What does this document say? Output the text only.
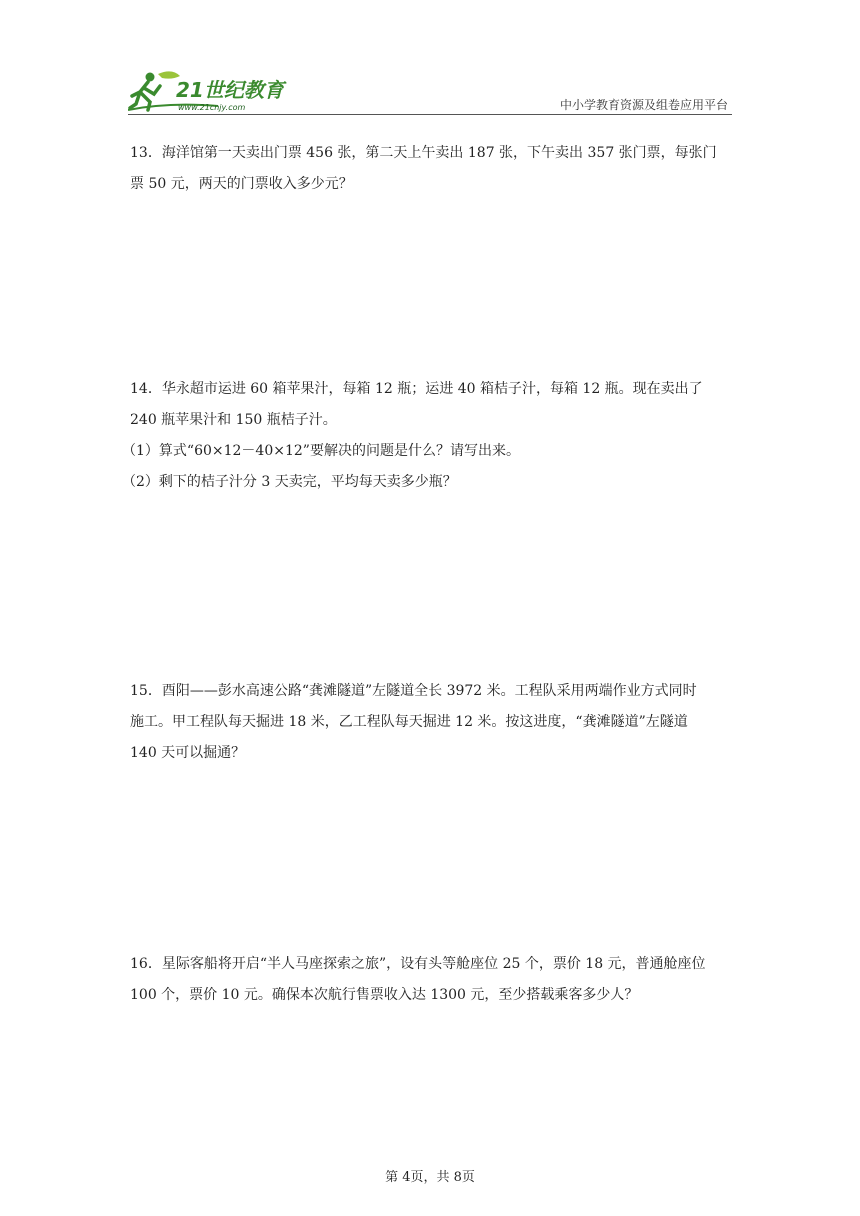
21世纪教育
www.21cnjy.com	中小学教育资源及组卷应用平台

13．海洋馆第一天卖出门票 456 张，第二天上午卖出 187 张，下午卖出 357 张门票，每张门

票 50 元，两天的门票收入多少元？

14．华永超市运进 60 箱苹果汁，每箱 12 瓶；运进 40 箱桔子汁，每箱 12 瓶。现在卖出了

240 瓶苹果汁和 150 瓶桔子汁。

（1）算式“60×12－40×12”要解决的问题是什么？请写出来。

（2）剩下的桔子汁分 3 天卖完，平均每天卖多少瓶？

15．酉阳——彭水高速公路“龚滩隧道”左隧道全长 3972 米。工程队采用两端作业方式同时

施工。甲工程队每天掘进 18 米，乙工程队每天掘进 12 米。按这进度，“龚滩隧道”左隧道

140 天可以掘通？

16．星际客船将开启“半人马座探索之旅”，设有头等舱座位 25 个，票价 18 元，普通舱座位

100 个，票价 10 元。确保本次航行售票收入达 1300 元，至少搭载乘客多少人？

第 4页，共 8页
